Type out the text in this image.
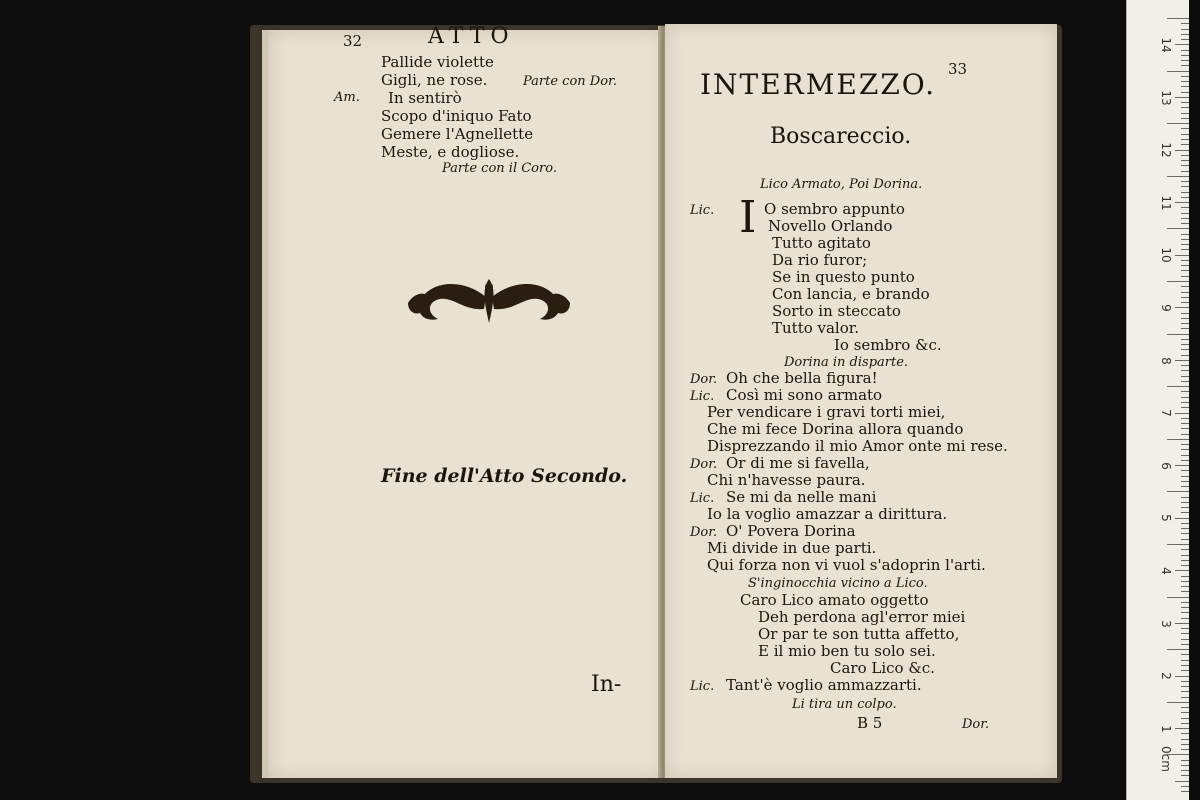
32	ATTO
Pallide violette
Gigli, ne rose.	Parte con Dor.
Am. In sentirò
Scopo d'iniquo Fato
Gemere l'Agnellette
Meste, e dogliose.
Parte con il Coro.
Fine dell'Atto Secondo.
In-
33
INTERMEZZO.
Boscareccio.
Lico Armato, Poi Dorina.
Lic. I O sembro appunto
Novello Orlando
Tutto agitato
Da rio furor;
Se in questo punto
Con lancia, e brando
Sorto in steccato
Tutto valor.
Io sembro &c.
Dorina in disparte.
Dor. Oh che bella figura!
Lic. Così mi sono armato
Per vendicare i gravi torti miei,
Che mi fece Dorina allora quando
Disprezzando il mio Amor onte mi rese.
Dor. Or di me si favella,
Chi n'havesse paura.
Lic. Se mi da nelle mani
Io la voglio amazzar a dirittura.
Dor. O' Povera Dorina
Mi divide in due parti.
Qui forza non vi vuol s'adoprin l'arti.
S'inginocchia vicino a Lico.
Caro Lico amato oggetto
Deh perdona agl'error miei
Or par te son tutta affetto,
E il mio ben tu solo sei.
Caro Lico &c.
Lic. Tant'è voglio ammazzarti.
Li tira un colpo.
B 5	Dor.
14
13
12
11
10
9
8
7
6
5
4
3
2
1
0cm
